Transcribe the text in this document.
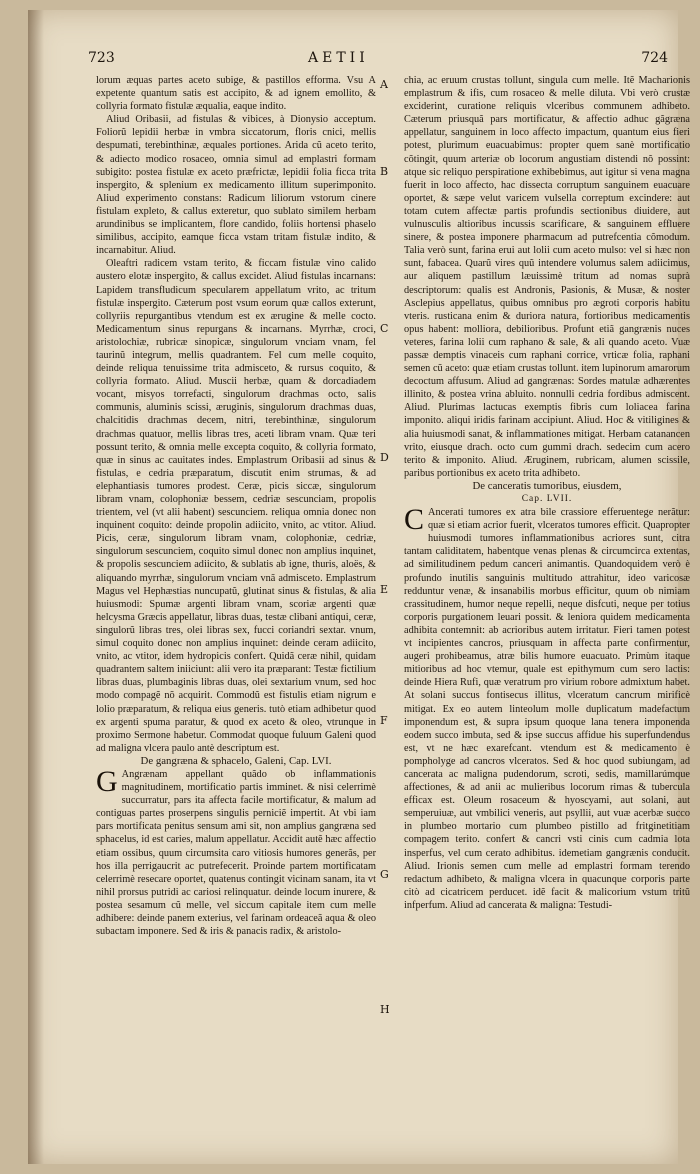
723	AETII	724

lorum æquas partes aceto subige, & pastillos efforma. Vsu A expetente quantum satis est accipito, & ad ignem emollito, & collyria formato fistulæ æqualia, eaque indito.

Aliud Oribasii, ad fistulas & vibices, à Dionysio acceptum. Foliorũ lepidii herbæ in vmbra siccatorum, floris cnici, mellis despumati, terebinthinæ, æquales portiones. Arida cũ aceto terito, & adiecto modico rosaceo, omnia simul ad emplastri formam subigito: postea fistulæ ex aceto præfrictæ, lepidii folia ficca trita inspergito, & splenium ex medicamento illitum superimponito. Aliud experimento constans: Radicum liliorum vstorum cinere fistulam expleto, & callus exteretur, quo sublato similem herbam arundinibus se implicantem, flore candido, foliis hortensi phaselo similibus, accipito, eamque ficca vstam tritam fistulæ indito, & incarnabitur. Aliud.

Oleaftri radicem vstam terito, & ficcam fistulæ vino calido austero elotæ inspergito, & callus excidet. Aliud fistulas incarnans: Lapidem transfludicum specularem appellatum vrito, ac tritum fistulæ inspergito. Cæterum post vsum eorum quæ callos exterunt, collyriis repurgantibus vtendum est ex ærugine & melle cocto. Medicamentum sinus repurgans & incarnans. Myrrhæ, croci, aristolochiæ, rubricæ sinopicæ, singulorum vnciam vnam, fel taurinũ integrum, mellis quadrantem. Fel cum melle coquito, deinde reliqua tenuissime trita admisceto, & rursus coquito, & collyria formato. Aliud. Muscii herbæ, quam & dorcadiadem vocant, misyos torrefacti, singulorum drachmas octo, salis communis, aluminis scissi, æruginis, singulorum drachmas duas, chalcitidis drachmas decem, nitri, terebinthinæ, singulorum drachmas quatuor, mellis libras tres, aceti libram vnam. Quæ teri possunt terito, & omnia melle excepta coquito, & collyria formato, quæ in sinus ac cauitates indes. Emplastrum Oribasii ad sinus & fistulas, e cedria præparatum, discutit enim strumas, & ad elephantiasis tumores prodest. Ceræ, picis siccæ, singulorum libram vnam, colophoniæ bessem, cedriæ sescunciam, propolis trientem, vel (vt alii habent) sescunciem. reliqua omnia donec non inquinent coquito: deinde propolin adiicito, vnito, ac vtitor. Aliud. Picis, ceræ, singulorum libram vnam, colophoniæ, cedriæ, singulorum sescunciem, coquito simul donec non amplius inquinet, & propolis sescunciem adiicito, & sublatis ab igne, thuris, aloës, & aliquando myrrhæ, singulorum vnciam vnã admisceto. Emplastrum Magus vel Hephæstias nuncupatũ, glutinat sinus & fistulas, & alia huiusmodi: Spumæ argenti libram vnam, scoriæ argenti quæ helcysma Græcis appellatur, libras duas, testæ clibani antiqui, ceræ, singulorũ libras tres, olei libras sex, fucci coriandri sextar. vnum, simul coquito donec non amplius inquinet: deinde ceram adiicito, vnito, ac vtitor, idem hydropicis confert. Quidã ceræ nihil, quidam quadrantem saltem iniiciunt: alii vero ita præparant: Testæ fictilium libras duas, plumbaginis libras duas, olei sextarium vnum, sed hoc modo compagẽ nõ acquirit. Commodũ est fistulis etiam nigrum e lolio præparatum, & reliqua eius generis. tutò etiam adhibetur quod ex argenti spuma paratur, & quod ex aceto & oleo, vtrunque in proximo Sermone habetur. Commodat quoque fuluum Galeni quod ad maligna vlcera paulo antè descriptum est.

De gangræna & sphacelo, Galeni, Cap. LVI.

G Angrænam appellant quãdo ob inflammationis magnitudinem, mortificatio partis imminet. & nisi celerrimè succurratur, pars ita affecta facile mortificatur, & malum ad contiguas partes proserpens singulis perniciẽ impertit. At vbi iam pars mortificata penitus sensum ami sit, non amplius gangræna sed sphacelus, id est caries, malum appellatur. Accidit autẽ hæc affectio etiam ossibus, quum circumsita caro vitiosis humores generãs, per hos illa perrigaucrit ac putrefecerit. Proinde partem mortificatam celerrimè resecare oportet, quatenus contingit vicinam sanam, ita vt nihil prorsus putridi ac cariosi relinquatur. deinde locum inurere, & postea sesamum cũ melle, vel siccum capitale item cum melle adhibere: deinde panem exterius, vel farinam ordeaceã aqua & oleo subactam imponere. Sed & iris & panacis radix, & aristolo-

chia, ac eruum crustas tollunt, singula cum melle. Itẽ Macharionis emplastrum & ifis, cum rosaceo & melle diluta. Vbi verò crustæ exciderint, curatione reliquis vlceribus communem adhibeto. Cæterum priusquã pars mortificatur, & affectio adhuc gãgræna appellatur, sanguinem in loco affecto impactum, quantum eius fieri potest, plurimum euacuabimus: propter quem sanè mortificatio cõtingit, quum arteriæ ob locorum angustiam distendi nõ possint: atque sic reliquo perspiratione exhibebimus, aut igitur si vena magna fuerit in loco affecto, hac dissecta corruptum sanguinem euacuare oportet, & sæpe velut varicem vulsella correptum excindere: aut totam cutem affectæ partis profundis sectionibus diuidere, aut vulnusculis altioribus incussis scarificare, & sanguinem effluere sinere, & postea imponere pharmacum ad putrefcentia cõmodum. Talia verò sunt, farina erui aut lolii cum aceto mulso: vel si hæc non sunt, fabacea. Quarũ vires quũ intendere volumus salem adiicimus, aur aliquem pastillum læuissimè tritum ad nomas suprà descriptorum: qualis est Andronis, Pasionis, & Musæ, & noster Asclepius appellatus, quibus omnibus pro ægroti corporis habitu vteris. rusticana enim & duriora natura, fortioribus medicamentis opus habent: molliora, debilioribus. Profunt etiã gangrænis nuces veteres, farina lolii cum raphano & sale, & ali quando aceto. Vuæ passæ demptis vinaceis cum raphani corrice, vrticæ folia, raphani semen cũ aceto: quæ etiam crustas tollunt. item lupinorum amarorum decoctum affusum. Aliud ad gangrænas: Sordes matulæ adhærentes illinito, & postea vrina abluito. nonnulli cedria fordibus admiscent. Aliud. Plurimas lactucas exemptis fibris cum loliacea farina imponito. aliqui iridis farinam accipiunt. Aliud. Hoc & vitiligines & alia huiusmodi sanat, & inflammationes mitigat. Herbam catanancen vrito, eiusque drach. octo cum gummi drach. sedecim cum acero terito & imponito. Aliud. Æruginem, rubricam, alumen scissile, paribus portionibus ex aceto trita adhibeto.

De canceratis tumoribus, eiusdem,

Cap. LVII.

C Ancerati tumores ex atra bile crassiore efferuentege nerãtur: quæ si etiam acrior fuerit, vlceratos tumores efficit. Quapropter huiusmodi tumores inflammationibus acriores sunt, citra tantam caliditatem, habentque venas plenas & circumcirca extentas, ad similitudinem pedum canceri animantis. Quandoquidem verò è profundo inutilis sanguinis multitudo attrahitur, ideo varicosæ redduntur venæ, & insanabilis morbus efficitur, quum ob nimiam crassitudinem, humor neque repelli, neque disfcuti, neque per totius corporis purgationem leuari possit. & leniora quidem medicamenta adhibita contemnit: ab acrioribus autem irritatur. Fieri tamen potest vt incipientes cancros, priusquam in affecta parte confirmentur, augeri prohibeamus, atræ bilis humore euacuato. Primùm itaque mitioribus ad hoc vtemur, quale est epithymum cum sero lactis: deinde Hiera Rufi, quæ veratrum pro virium robore admixtum habet. At solani succus fontisecus illitus, vlceratum cancrum mirificè mitigat. Ex eo autem linteolum molle duplicatum madefactum imponendum est, & supra ipsum quoque lana tenera imponenda eodem succo imbuta, sed & ipse succus affidue his superfundendus est, vt ne hæc exarefcant. vtendum est & medicamento è pompholyge ad cancros vlceratos. Sed & hoc quod subiungam, ad cancerata ac maligna pudendorum, scroti, sedis, mamillarúmque affectiones, & ad anii ac mulieribus locorum rimas & tubercula efficax est. Oleum rosaceum & hyoscyami, aut solani, aut semperuiuæ, aut vmbilici veneris, aut psyllii, aut vuæ acerbæ succo in plumbeo mortario cum plumbeo pistillo ad fritginetitiam compagem terito. confert & cancri vsti cinis cum cadmia lota insperfus, vel cum cerato adhibitus. idemetiam gangrænis conducit. Aliud. Irionis semen cum melle ad emplastri formam terendo redactum adhibeto, & maligna vlcera in quacunque corporis parte citò ad cicatricem perducet. idẽ facit & malicorium vstum tritũ infperfum. Aliud ad cancerata & maligna: Testudi-

A
B
C
D
E
F
G
H
